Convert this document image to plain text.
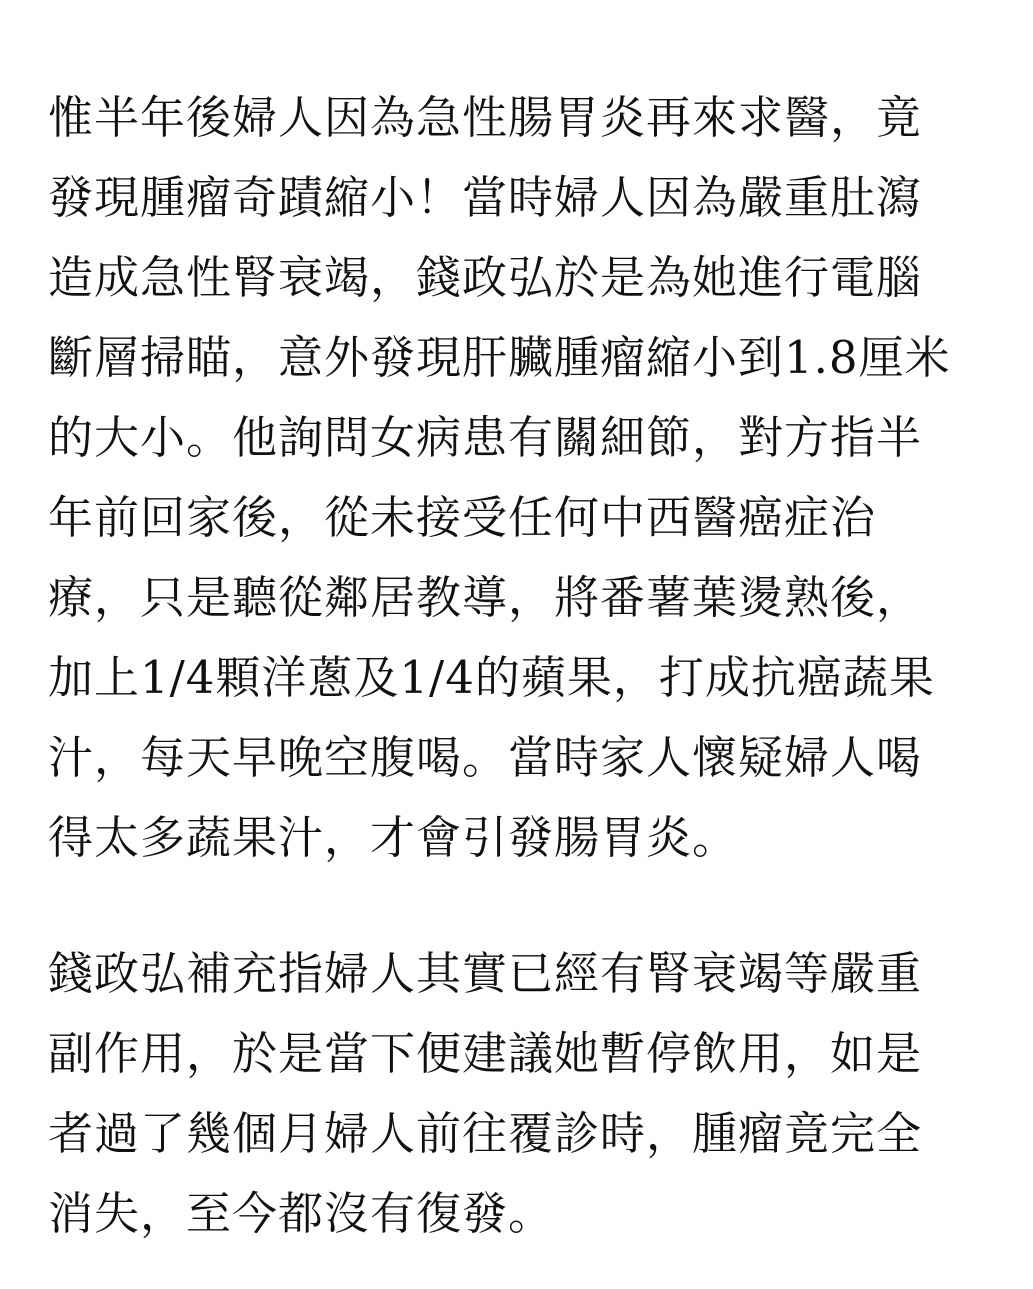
惟半年後婦人因為急性腸胃炎再來求醫，竟
發現腫瘤奇蹟縮小！當時婦人因為嚴重肚瀉
造成急性腎衰竭，錢政弘於是為她進行電腦
斷層掃瞄，意外發現肝臟腫瘤縮小到1.8厘米
的大小。他詢問女病患有關細節，對方指半
年前回家後，從未接受任何中西醫癌症治
療，只是聽從鄰居教導，將番薯葉燙熟後，
加上1/4顆洋蔥及1/4的蘋果，打成抗癌蔬果
汁，每天早晚空腹喝。當時家人懷疑婦人喝
得太多蔬果汁，才會引發腸胃炎。
錢政弘補充指婦人其實已經有腎衰竭等嚴重
副作用，於是當下便建議她暫停飲用，如是
者過了幾個月婦人前往覆診時，腫瘤竟完全
消失，至今都沒有復發。
